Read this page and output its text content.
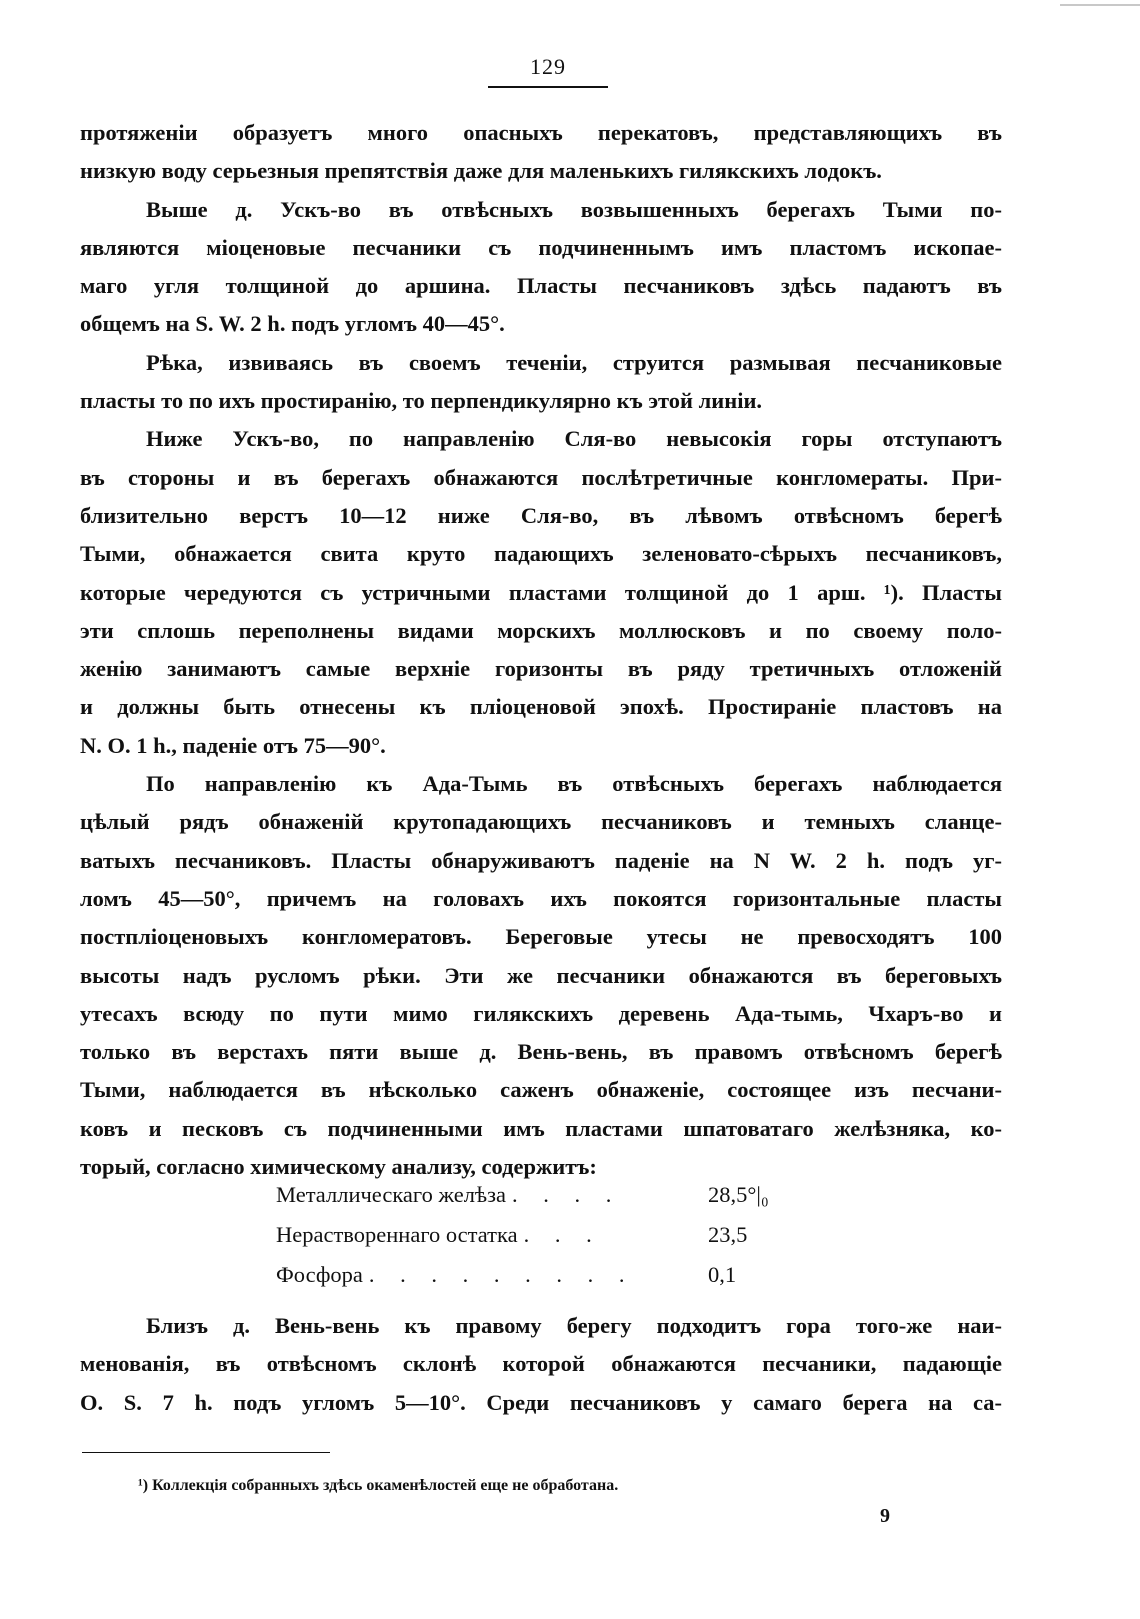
129

протяженіи образуетъ много опасныхъ перекатовъ, представляющихъ въ
низкую воду серьезныя препятствія даже для маленькихъ гилякскихъ лодокъ.

Выше д. Ускъ-во въ отвѣсныхъ возвышенныхъ берегахъ Тыми по-
являются міоценовые песчаники съ подчиненнымъ имъ пластомъ ископае-
маго угля толщиной до аршина. Пласты песчаниковъ здѣсь падаютъ въ
общемъ на S. W. 2 h. подъ угломъ 40—45°.

Рѣка, извиваясь въ своемъ теченіи, струится размывая песчаниковые
пласты то по ихъ простиранію, то перпендикулярно къ этой линіи.

Ниже Ускъ-во, по направленію Сля-во невысокія горы отступаютъ
въ стороны и въ берегахъ обнажаются послѣтретичные конгломераты. При-
близительно верстъ 10—12 ниже Сля-во, въ лѣвомъ отвѣсномъ берегѣ
Тыми, обнажается свита круто падающихъ зеленовато-сѣрыхъ песчаниковъ,
которые чередуются съ устричными пластами толщиной до 1 арш. ¹). Пласты
эти сплошь переполнены видами морскихъ моллюсковъ и по своему поло-
женію занимаютъ самые верхніе горизонты въ ряду третичныхъ отложеній
и должны быть отнесены къ пліоценовой эпохѣ. Простираніе пластовъ на
N. O. 1 h., паденіе отъ 75—90°.

По направленію къ Ада-Тымь въ отвѣсныхъ берегахъ наблюдается
цѣлый рядъ обнаженій крутопадающихъ песчаниковъ и темныхъ сланце-
ватыхъ песчаниковъ. Пласты обнаруживаютъ паденіе на N W. 2 h. подъ уг-
ломъ 45—50°, причемъ на головахъ ихъ покоятся горизонтальные пласты
постпліоценовыхъ конгломератовъ. Береговые утесы не превосходятъ 100
высоты надъ русломъ рѣки. Эти же песчаники обнажаются въ береговыхъ
утесахъ всюду по пути мимо гилякскихъ деревень Ада-тымь, Чхаръ-во и
только въ верстахъ пяти выше д. Вень-вень, въ правомъ отвѣсномъ берегѣ
Тыми, наблюдается въ нѣсколько саженъ обнаженіе, состоящее изъ песчани-
ковъ и песковъ съ подчиненными имъ пластами шпатоватаго желѣзняка, ко-
торый, согласно химическому анализу, содержитъ:

Металлическаго желѣза . . . .	28,5°|₀
Нераствореннаго остатка . . .	23,5
Фосфора . . . . . . . . .	0,1
Близъ д. Вень-вень къ правому берегу подходитъ гора того-же наи-
менованія, въ отвѣсномъ склонѣ которой обнажаются песчаники, падающіе
O. S. 7 h. подъ угломъ 5—10°. Среди песчаниковъ у самаго берега на са-
¹) Коллекція собранныхъ здѣсь окаменѣлостей еще не обработана.
9
